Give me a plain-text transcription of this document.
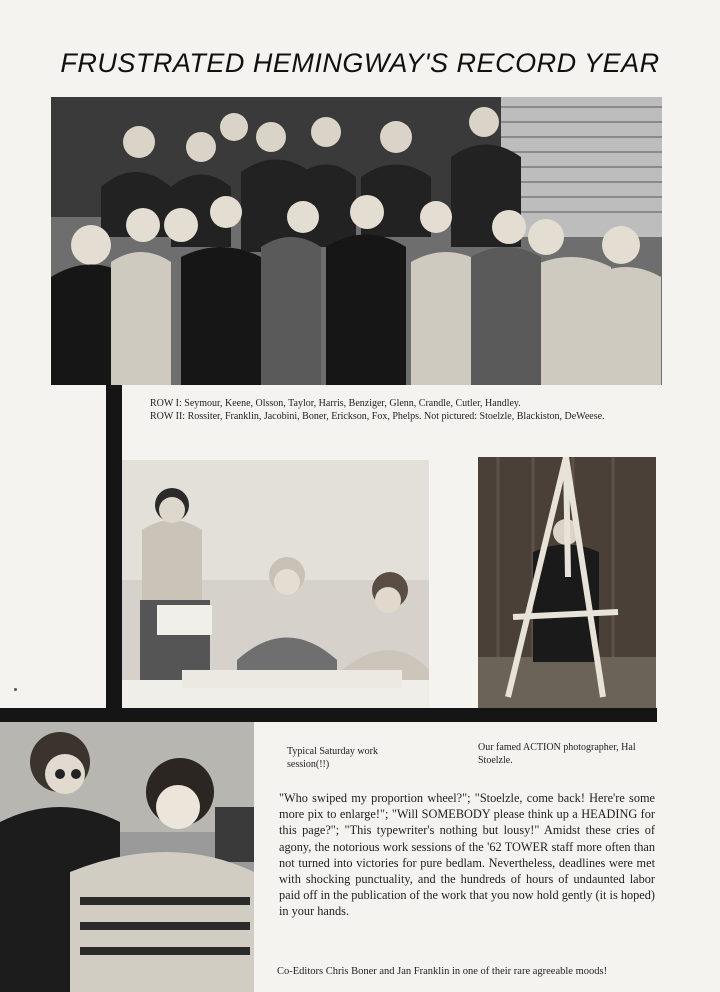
FRUSTRATED HEMINGWAY'S RECORD YEAR
ROW I: Seymour, Keene, Olsson, Taylor, Harris, Benziger, Glenn, Crandle, Cutler, Handley.
ROW II: Rossiter, Franklin, Jacobini, Boner, Erickson, Fox, Phelps. Not pictured: Stoelzle, Blackiston, DeWeese.
Typical Saturday work session(!!)
Our famed ACTION photographer, Hal Stoelzle.
"Who swiped my proportion wheel?"; "Stoelzle, come back! Here're some more pix to enlarge!"; "Will SOMEBODY please think up a HEADING for this page?"; "This typewriter's nothing but lousy!" Amidst these cries of agony, the notorious work sessions of the '62 TOWER staff more often than not turned into victories for pure bedlam. Nevertheless, deadlines were met with shocking punctuality, and the hundreds of hours of undaunted labor paid off in the publication of the work that you now hold gently (it is hoped) in your hands.
Co-Editors Chris Boner and Jan Franklin in one of their rare agreeable moods!
